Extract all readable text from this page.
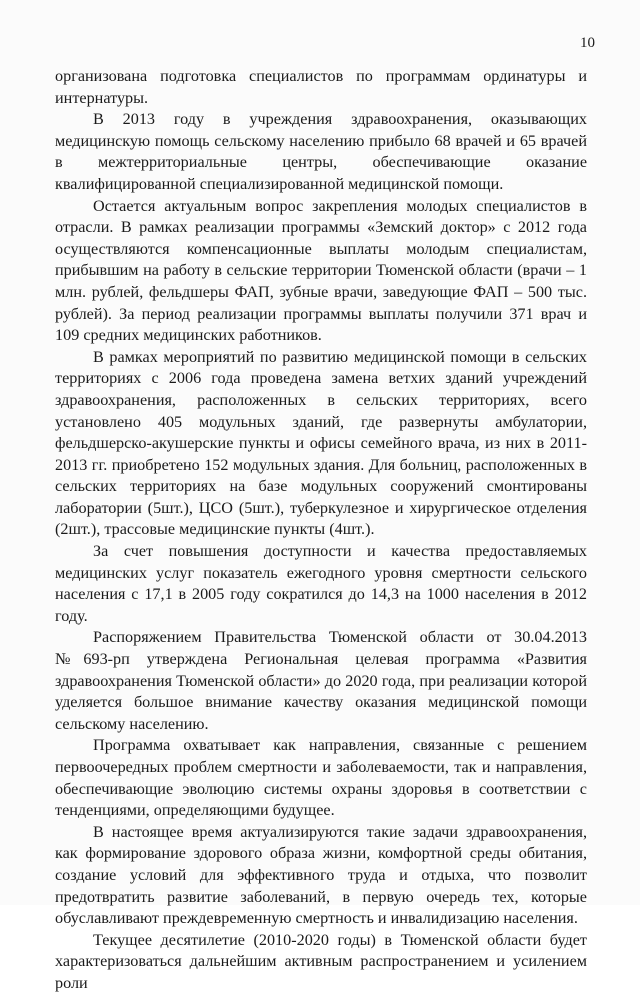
10

организована подготовка специалистов по программам ординатуры и интернатуры.

В 2013 году в учреждения здравоохранения, оказывающих медицинскую помощь сельскому населению прибыло 68 врачей и 65 врачей в межтерриториальные центры, обеспечивающие оказание квалифицированной специализированной медицинской помощи.

Остается актуальным вопрос закрепления молодых специалистов в отрасли. В рамках реализации программы «Земский доктор» с 2012 года осуществляются компенсационные выплаты молодым специалистам, прибывшим на работу в сельские территории Тюменской области (врачи – 1 млн. рублей, фельдшеры ФАП, зубные врачи, заведующие ФАП – 500 тыс. рублей). За период реализации программы выплаты получили 371 врач и 109 средних медицинских работников.

В рамках мероприятий по развитию медицинской помощи в сельских территориях с 2006 года проведена замена ветхих зданий учреждений здравоохранения, расположенных в сельских территориях, всего установлено 405 модульных зданий, где развернуты амбулатории, фельдшерско-акушерские пункты и офисы семейного врача, из них в 2011-2013 гг. приобретено 152 модульных здания. Для больниц, расположенных в сельских территориях на базе модульных сооружений смонтированы лаборатории (5шт.), ЦСО (5шт.), туберкулезное и хирургическое отделения (2шт.), трассовые медицинские пункты (4шт.).

За счет повышения доступности и качества предоставляемых медицинских услуг показатель ежегодного уровня смертности сельского населения с 17,1 в 2005 году сократился до 14,3 на 1000 населения в 2012 году.

Распоряжением Правительства Тюменской области от 30.04.2013 №693-рп утверждена Региональная целевая программа «Развития здравоохранения Тюменской области» до 2020 года, при реализации которой уделяется большое внимание качеству оказания медицинской помощи сельскому населению.

Программа охватывает как направления, связанные с решением первоочередных проблем смертности и заболеваемости, так и направления, обеспечивающие эволюцию системы охраны здоровья в соответствии с тенденциями, определяющими будущее.

В настоящее время актуализируются такие задачи здравоохранения, как формирование здорового образа жизни, комфортной среды обитания, создание условий для эффективного труда и отдыха, что позволит предотвратить развитие заболеваний, в первую очередь тех, которые обуславливают преждевременную смертность и инвалидизацию населения.

Текущее десятилетие (2010-2020 годы) в Тюменской области будет характеризоваться дальнейшим активным распространением и усилением роли
